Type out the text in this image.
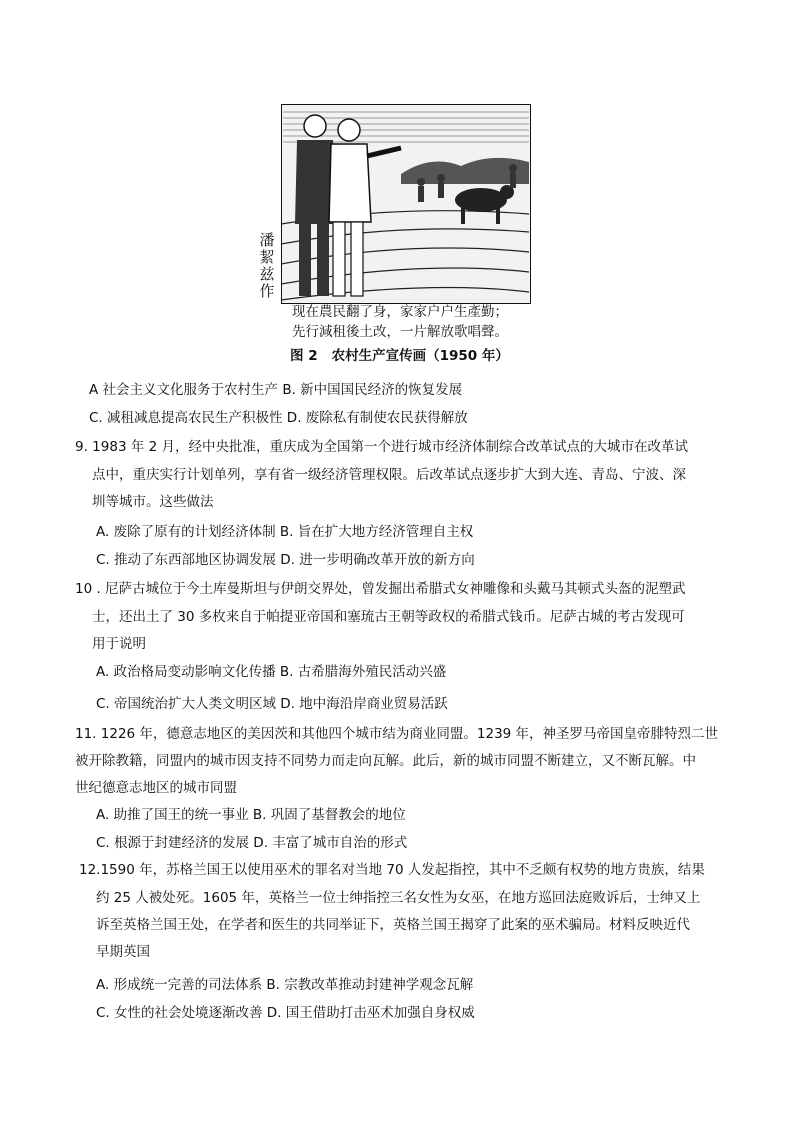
潘
絜
兹
作
现在農民翻了身，家家户户生產勤；
先行減租後土改，一片解放歌唱聲。
图 2 农村生产宣传画（1950 年）
A 社会主义文化服务于农村生产 B. 新中国国民经济的恢复发展
C. 减租减息提高农民生产积极性 D. 废除私有制使农民获得解放
9. 1983 年 2 月，经中央批准，重庆成为全国第一个进行城市经济体制综合改革试点的大城市在改革试
点中，重庆实行计划单列，享有省一级经济管理权限。后改革试点逐步扩大到大连、青岛、宁波、深
圳等城市。这些做法
A. 废除了原有的计划经济体制 B. 旨在扩大地方经济管理自主权
C. 推动了东西部地区协调发展 D. 进一步明确改革开放的新方向
10 . 尼萨古城位于今土库曼斯坦与伊朗交界处，曾发掘出希腊式女神雕像和头戴马其顿式头盔的泥塑武
士，还出土了 30 多枚来自于帕提亚帝国和塞琉古王朝等政权的希腊式钱币。尼萨古城的考古发现可
用于说明
A. 政治格局变动影响文化传播 B. 古希腊海外殖民活动兴盛
C. 帝国统治扩大人类文明区域 D. 地中海沿岸商业贸易活跃
11. 1226 年，德意志地区的美因茨和其他四个城市结为商业同盟。1239 年，神圣罗马帝国皇帝腓特烈二世
被开除教籍，同盟内的城市因支持不同势力而走向瓦解。此后，新的城市同盟不断建立，又不断瓦解。中
世纪德意志地区的城市同盟
A. 助推了国王的统一事业 B. 巩固了基督教会的地位
C. 根源于封建经济的发展 D. 丰富了城市自治的形式
12.1590 年，苏格兰国王以使用巫术的罪名对当地 70 人发起指控，其中不乏颇有权势的地方贵族，结果
约 25 人被处死。1605 年，英格兰一位士绅指控三名女性为女巫，在地方巡回法庭败诉后，士绅又上
诉至英格兰国王处，在学者和医生的共同举证下，英格兰国王揭穿了此案的巫术骗局。材料反映近代
早期英国
A. 形成统一完善的司法体系 B. 宗教改革推动封建神学观念瓦解
C. 女性的社会处境逐渐改善 D. 国王借助打击巫术加强自身权威
